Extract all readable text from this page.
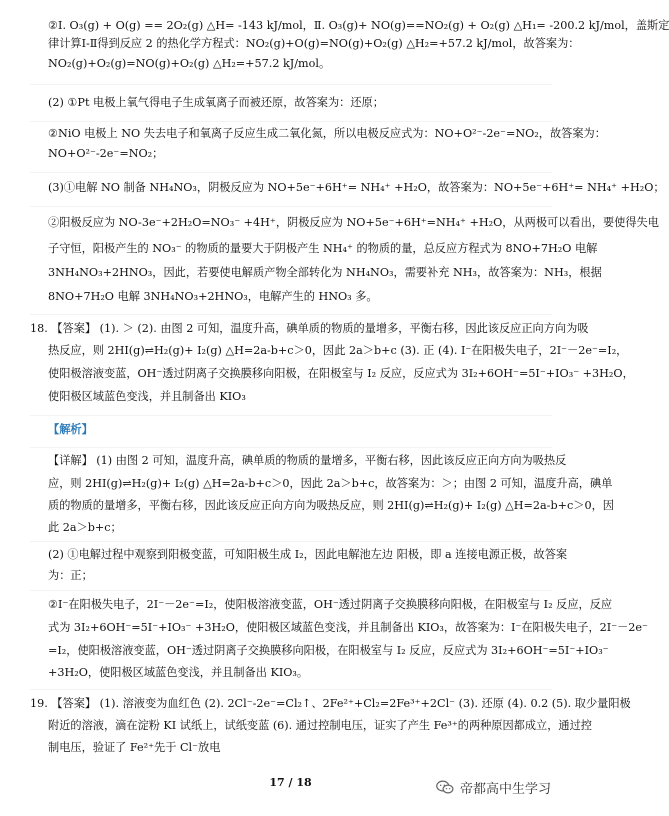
②Ⅰ. O₃(g) + O(g) == 2O₂(g) △H= -143 kJ/mol，Ⅱ. O₃(g)+ NO(g)==NO₂(g) + O₂(g) △H₁= -200.2 kJ/mol，盖斯定
律计算Ⅰ-Ⅱ得到反应 2 的热化学方程式：NO₂(g)+O(g)=NO(g)+O₂(g) △H₂=+57.2 kJ/mol，故答案为：
NO₂(g)+O₂(g)=NO(g)+O₂(g) △H₂=+57.2 kJ/mol。
(2) ①Pt 电极上氧气得电子生成氧离子而被还原，故答案为：还原；
②NiO 电极上 NO 失去电子和氧离子反应生成二氧化氮，所以电极反应式为：NO+O²⁻-2e⁻=NO₂，故答案为：
NO+O²⁻-2e⁻=NO₂；
(3)①电解 NO 制备 NH₄NO₃，阴极反应为 NO+5e⁻+6H⁺= NH₄⁺ +H₂O，故答案为：NO+5e⁻+6H⁺= NH₄⁺ +H₂O；
②阳极反应为 NO-3e⁻+2H₂O=NO₃⁻ +4H⁺，阴极反应为 NO+5e⁻+6H⁺=NH₄⁺ +H₂O，从两极可以看出，要使得失电
子守恒，阳极产生的 NO₃⁻ 的物质的量要大于阴极产生 NH₄⁺ 的物质的量，总反应方程式为 8NO+7H₂O 电解
3NH₄NO₃+2HNO₃，因此，若要使电解质产物全部转化为 NH₄NO₃，需要补充 NH₃，故答案为：NH₃，根据
8NO+7H₂O 电解 3NH₄NO₃+2HNO₃，电解产生的 HNO₃ 多。
18. 【答案】 (1). ＞ (2). 由图 2 可知，温度升高，碘单质的物质的量增多，平衡右移，因此该反应正向方向为吸
热反应，则 2HI(g)⇌H₂(g)+ I₂(g) △H=2a-b+c＞0，因此 2a＞b+c (3). 正 (4). I⁻在阳极失电子，2I⁻－2e⁻=I₂，
使阳极溶液变蓝，OH⁻透过阴离子交换膜移向阳极，在阳极室与 I₂ 反应，反应式为 3I₂+6OH⁻=5I⁻+IO₃⁻ +3H₂O，
使阳极区域蓝色变浅，并且制备出 KIO₃
【解析】
【详解】 (1) 由图 2 可知，温度升高，碘单质的物质的量增多，平衡右移，因此该反应正向方向为吸热反
应，则 2HI(g)⇌H₂(g)+ I₂(g) △H=2a-b+c＞0，因此 2a＞b+c，故答案为：＞；由图 2 可知，温度升高，碘单
质的物质的量增多，平衡右移，因此该反应正向方向为吸热反应，则 2HI(g)⇌H₂(g)+ I₂(g) △H=2a-b+c＞0，因
此 2a＞b+c；
(2) ①电解过程中观察到阳极变蓝，可知阳极生成 I₂，因此电解池左边 阳极，即 a 连接电源正极，故答案
为：正；
②I⁻在阳极失电子，2I⁻－2e⁻=I₂，使阳极溶液变蓝，OH⁻透过阴离子交换膜移向阳极，在阳极室与 I₂ 反应，反应
式为 3I₂+6OH⁻=5I⁻+IO₃⁻ +3H₂O，使阳极区域蓝色变浅，并且制备出 KIO₃，故答案为：I⁻在阳极失电子，2I⁻－2e⁻
=I₂，使阳极溶液变蓝，OH⁻透过阴离子交换膜移向阳极，在阳极室与 I₂ 反应，反应式为 3I₂+6OH⁻=5I⁻+IO₃⁻
+3H₂O，使阳极区域蓝色变浅，并且制备出 KIO₃。
19. 【答案】 (1). 溶液变为血红色 (2). 2Cl⁻-2e⁻=Cl₂↑、2Fe²⁺+Cl₂=2Fe³⁺+2Cl⁻ (3). 还原 (4). 0.2 (5). 取少量阳极
附近的溶液，滴在淀粉 KI 试纸上，试纸变蓝 (6). 通过控制电压，证实了产生 Fe³⁺的两种原因都成立，通过控
制电压，验证了 Fe²⁺先于 Cl⁻放电
17 / 18	帝都高中生学习
